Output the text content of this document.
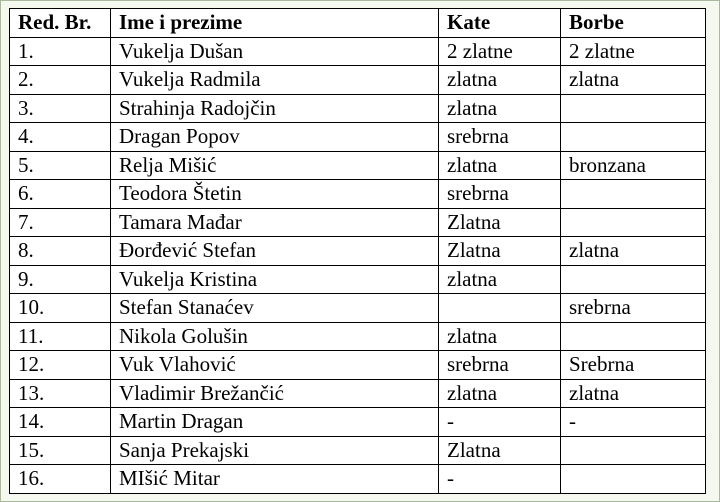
Red. Br.	Ime i prezime	Kate	Borbe
1.	Vukelja Dušan	2 zlatne	2 zlatne
2.	Vukelja Radmila	zlatna	zlatna
3.	Strahinja Radojčin	zlatna	
4.	Dragan Popov	srebrna	
5.	Relja Mišić	zlatna	bronzana
6.	Teodora Štetin	srebrna	
7.	Tamara Mađar	Zlatna	
8.	Đorđević Stefan	Zlatna	zlatna
9.	Vukelja Kristina	zlatna	
10.	Stefan Stanaćev		srebrna
11.	Nikola Golušin	zlatna	
12.	Vuk Vlahović	srebrna	Srebrna
13.	Vladimir Brežančić	zlatna	zlatna
14.	Martin Dragan	-	-
15.	Sanja Prekajski	Zlatna	
16.	MIšić Mitar	-	
